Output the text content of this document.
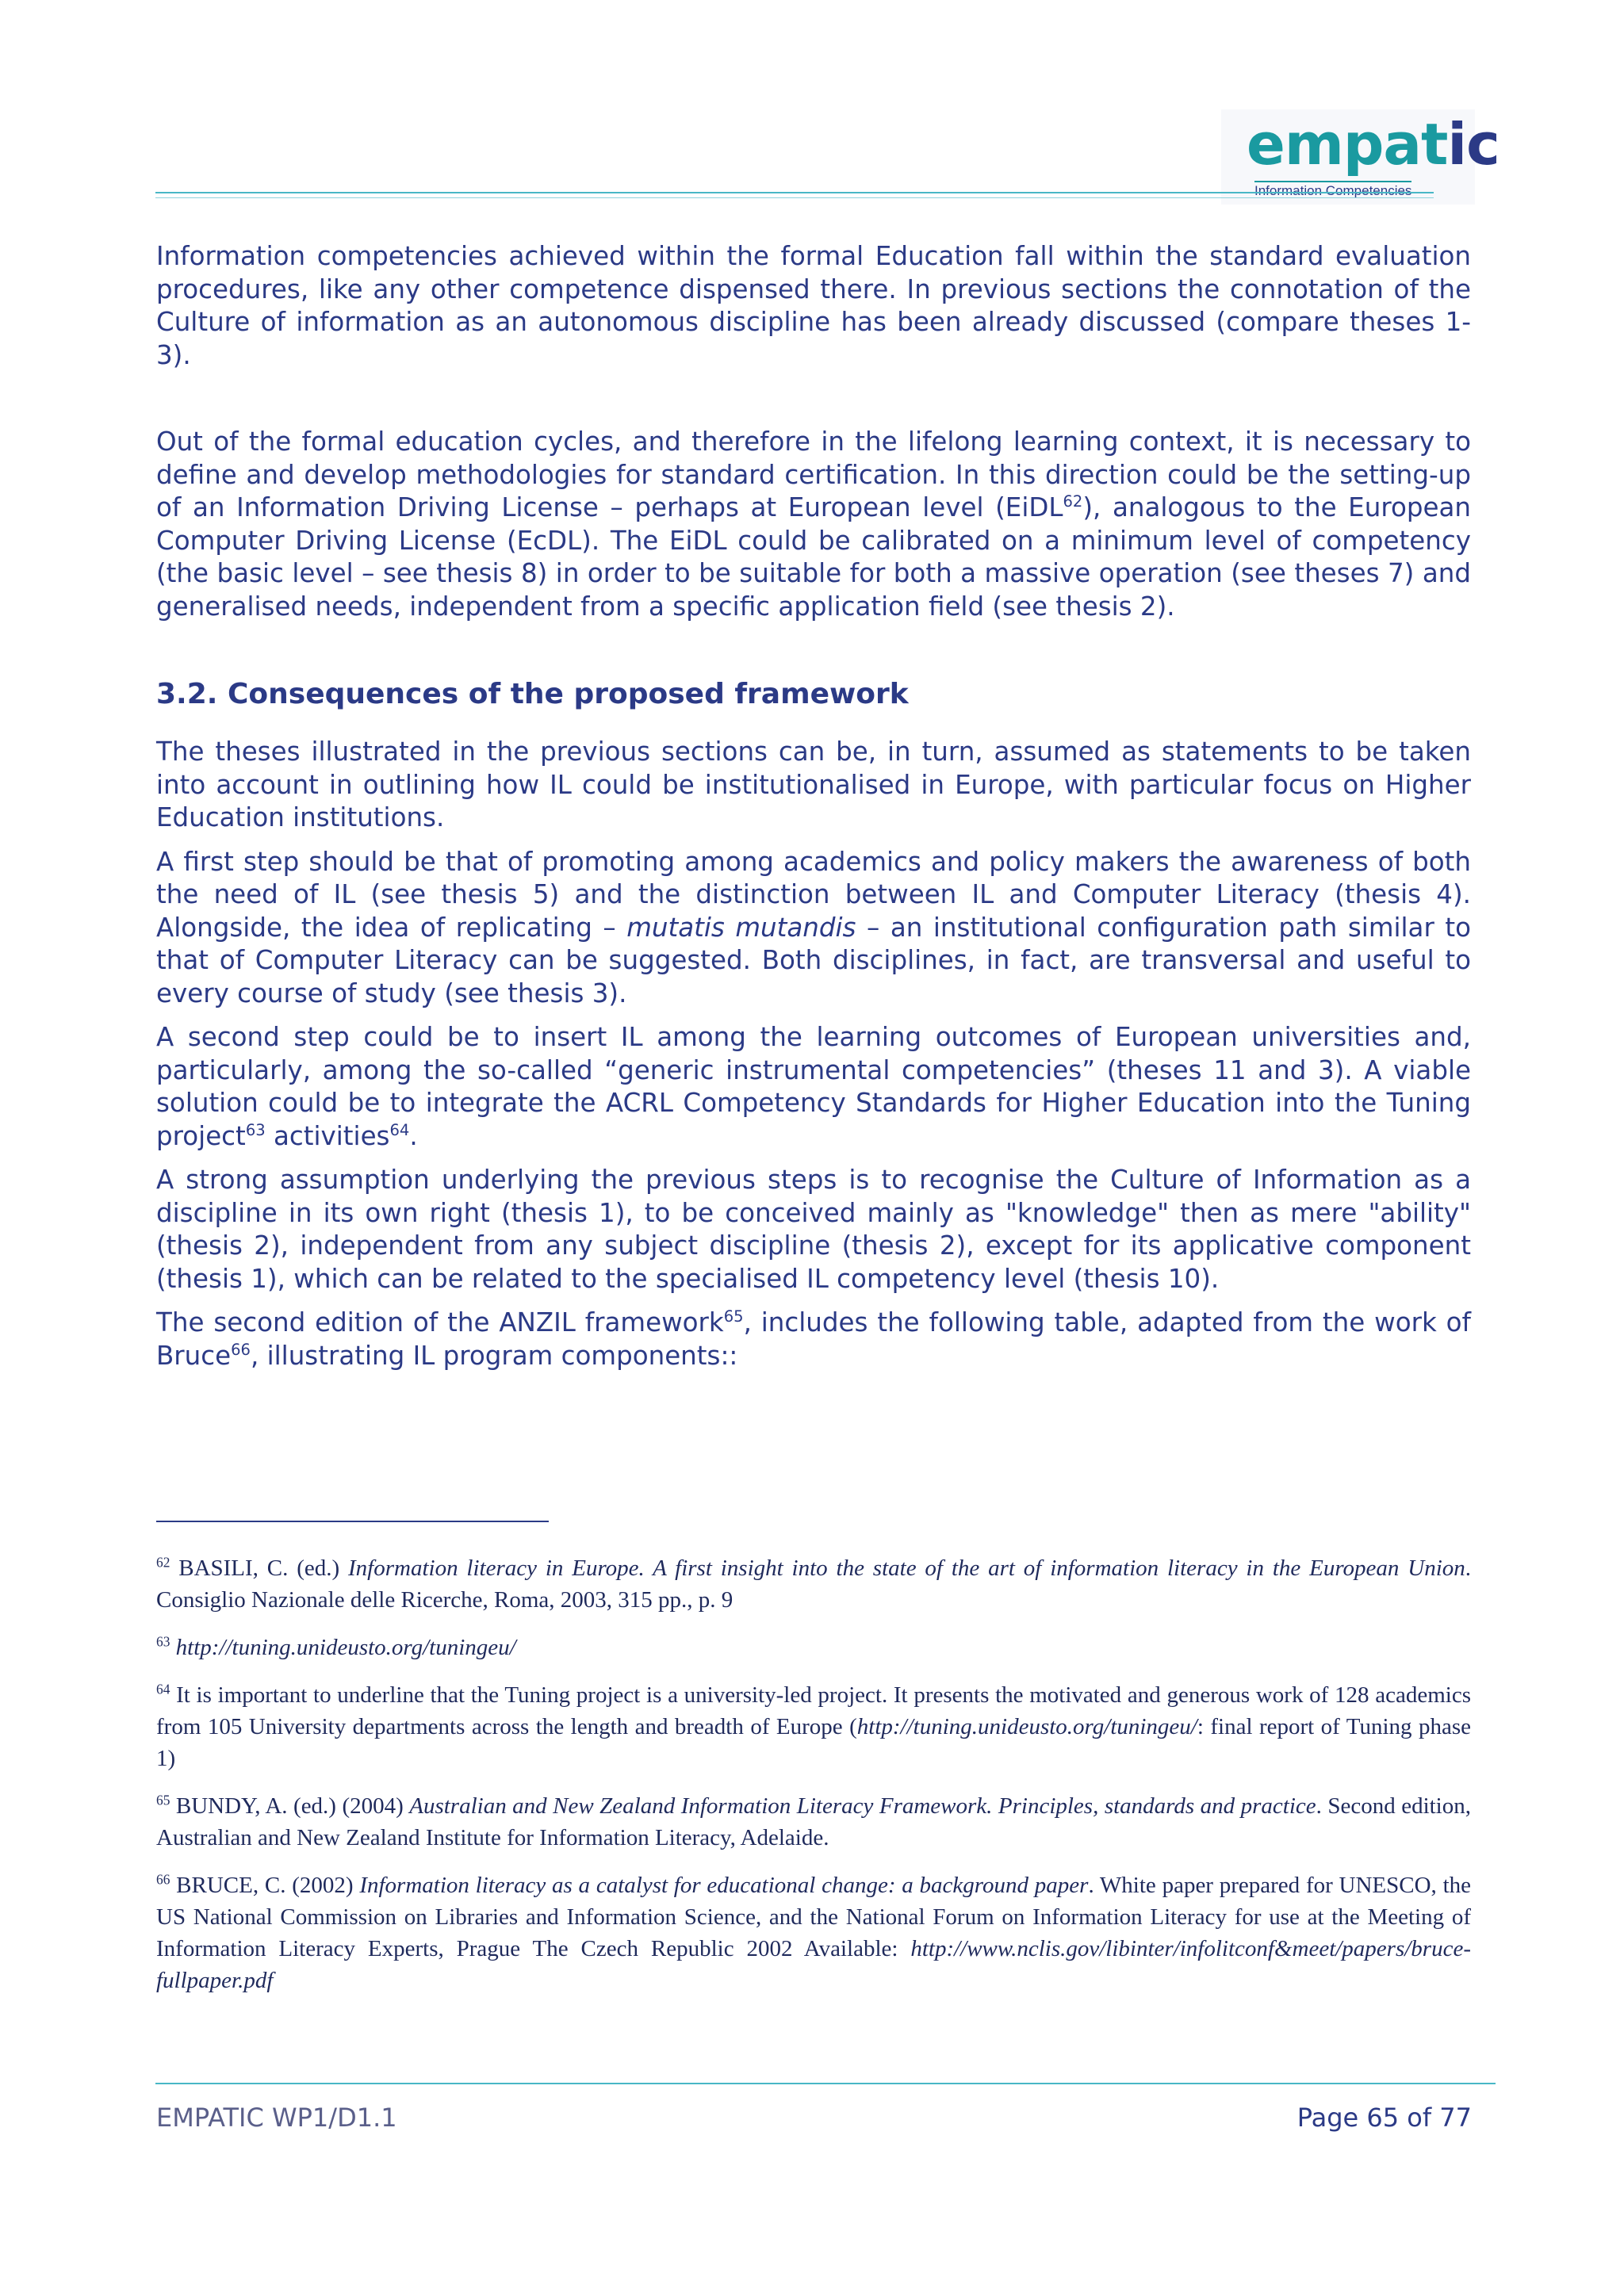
empatic
Information Competencies

Information competencies achieved within the formal Education fall within the standard evaluation procedures, like any other competence dispensed there. In previous sections the connotation of the Culture of information as an autonomous discipline has been already discussed (compare theses 1-3).

Out of the formal education cycles, and therefore in the lifelong learning context, it is necessary to define and develop methodologies for standard certification. In this direction could be the setting-up of an Information Driving License – perhaps at European level (EiDL$^{62}$), analogous to the European Computer Driving License (EcDL). The EiDL could be calibrated on a minimum level of competency (the basic level – see thesis 8) in order to be suitable for both a massive operation (see theses 7) and generalised needs, independent from a specific application field (see thesis 2).

3.2. Consequences of the proposed framework

The theses illustrated in the previous sections can be, in turn, assumed as statements to be taken into account in outlining how IL could be institutionalised in Europe, with particular focus on Higher Education institutions.

A first step should be that of promoting among academics and policy makers the awareness of both the need of IL (see thesis 5) and the distinction between IL and Computer Literacy (thesis 4). Alongside, the idea of replicating – mutatis mutandis – an institutional configuration path similar to that of Computer Literacy can be suggested. Both disciplines, in fact, are transversal and useful to every course of study (see thesis 3).

A second step could be to insert IL among the learning outcomes of European universities and, particularly, among the so-called “generic instrumental competencies” (theses 11 and 3). A viable solution could be to integrate the ACRL Competency Standards for Higher Education into the Tuning project$^{63}$ activities$^{64}$.

A strong assumption underlying the previous steps is to recognise the Culture of Information as a discipline in its own right (thesis 1), to be conceived mainly as "knowledge" then as mere "ability" (thesis 2), independent from any subject discipline (thesis 2), except for its applicative component (thesis 1), which can be related to the specialised IL competency level (thesis 10).

The second edition of the ANZIL framework$^{65}$, includes the following table, adapted from the work of Bruce$^{66}$, illustrating IL program components::

$^{62}$ BASILI, C. (ed.) Information literacy in Europe. A first insight into the state of the art of information literacy in the European Union. Consiglio Nazionale delle Ricerche, Roma, 2003, 315 pp., p. 9

$^{63}$ http://tuning.unideusto.org/tuningeu/

$^{64}$ It is important to underline that the Tuning project is a university-led project. It presents the motivated and generous work of 128 academics from 105 University departments across the length and breadth of Europe (http://tuning.unideusto.org/tuningeu/: final report of Tuning phase 1)

$^{65}$ BUNDY, A. (ed.) (2004) Australian and New Zealand Information Literacy Framework. Principles, standards and practice. Second edition, Australian and New Zealand Institute for Information Literacy, Adelaide.

$^{66}$ BRUCE, C. (2002) Information literacy as a catalyst for educational change: a background paper. White paper prepared for UNESCO, the US National Commission on Libraries and Information Science, and the National Forum on Information Literacy for use at the Meeting of Information Literacy Experts, Prague The Czech Republic 2002 Available: http://www.nclis.gov/libinter/infolitconf&meet/papers/bruce-fullpaper.pdf

EMPATIC WP1/D1.1	Page 65 of 77
